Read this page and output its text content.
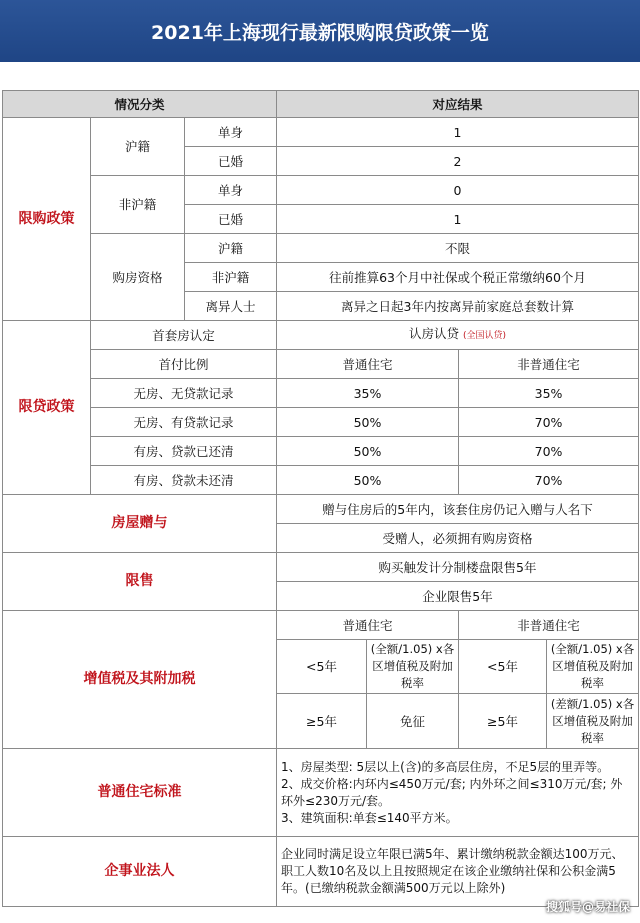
2021年上海现行最新限购限贷政策一览
情况分类			对应结果			
限购政策	沪籍	单身	1			
		已婚	2			
	非沪籍	单身	0			
		已婚	1			
	购房资格	沪籍	不限			
		非沪籍	往前推算63个月中社保或个税正常缴纳60个月			
		离异人士	离异之日起3年内按离异前家庭总套数计算			
限贷政策	首套房认定		认房认贷 (全国认贷)			
	首付比例		普通住宅		非普通住宅	
	无房、无贷款记录		35%		35%	
	无房、有贷款记录		50%		70%	
	有房、贷款已还清		50%		70%	
	有房、贷款未还清		50%		70%	
房屋赠与			赠与住房后的5年内，该套住房仍记入赠与人名下			
			受赠人，必须拥有购房资格			
限售			购买触发计分制楼盘限售5年			
			企业限售5年			
增值税及其附加税			普通住宅		非普通住宅	
			<5年	(全额/1.05) x各区增值税及附加税率	<5年	(全额/1.05) x各区增值税及附加税率
			≥5年	免征	≥5年	(差额/1.05) x各区增值税及附加税率
普通住宅标准			1、房屋类型: 5层以上(含)的多高层住房，不足5层的里弄等。
2、成交价格:内环内≤450万元/套; 内外环之间≤310万元/套; 外环外≤230万元/套。
3、建筑面积:单套≤140平方米。			

企事业法人			企业同时满足设立年限已满5年、累计缴纳税款金额达100万元、职工人数10名及以上且按照规定在该企业缴纳社保和公积金满5年。(已缴纳税款金额满500万元以上除外)			
搜狐号@易社保
